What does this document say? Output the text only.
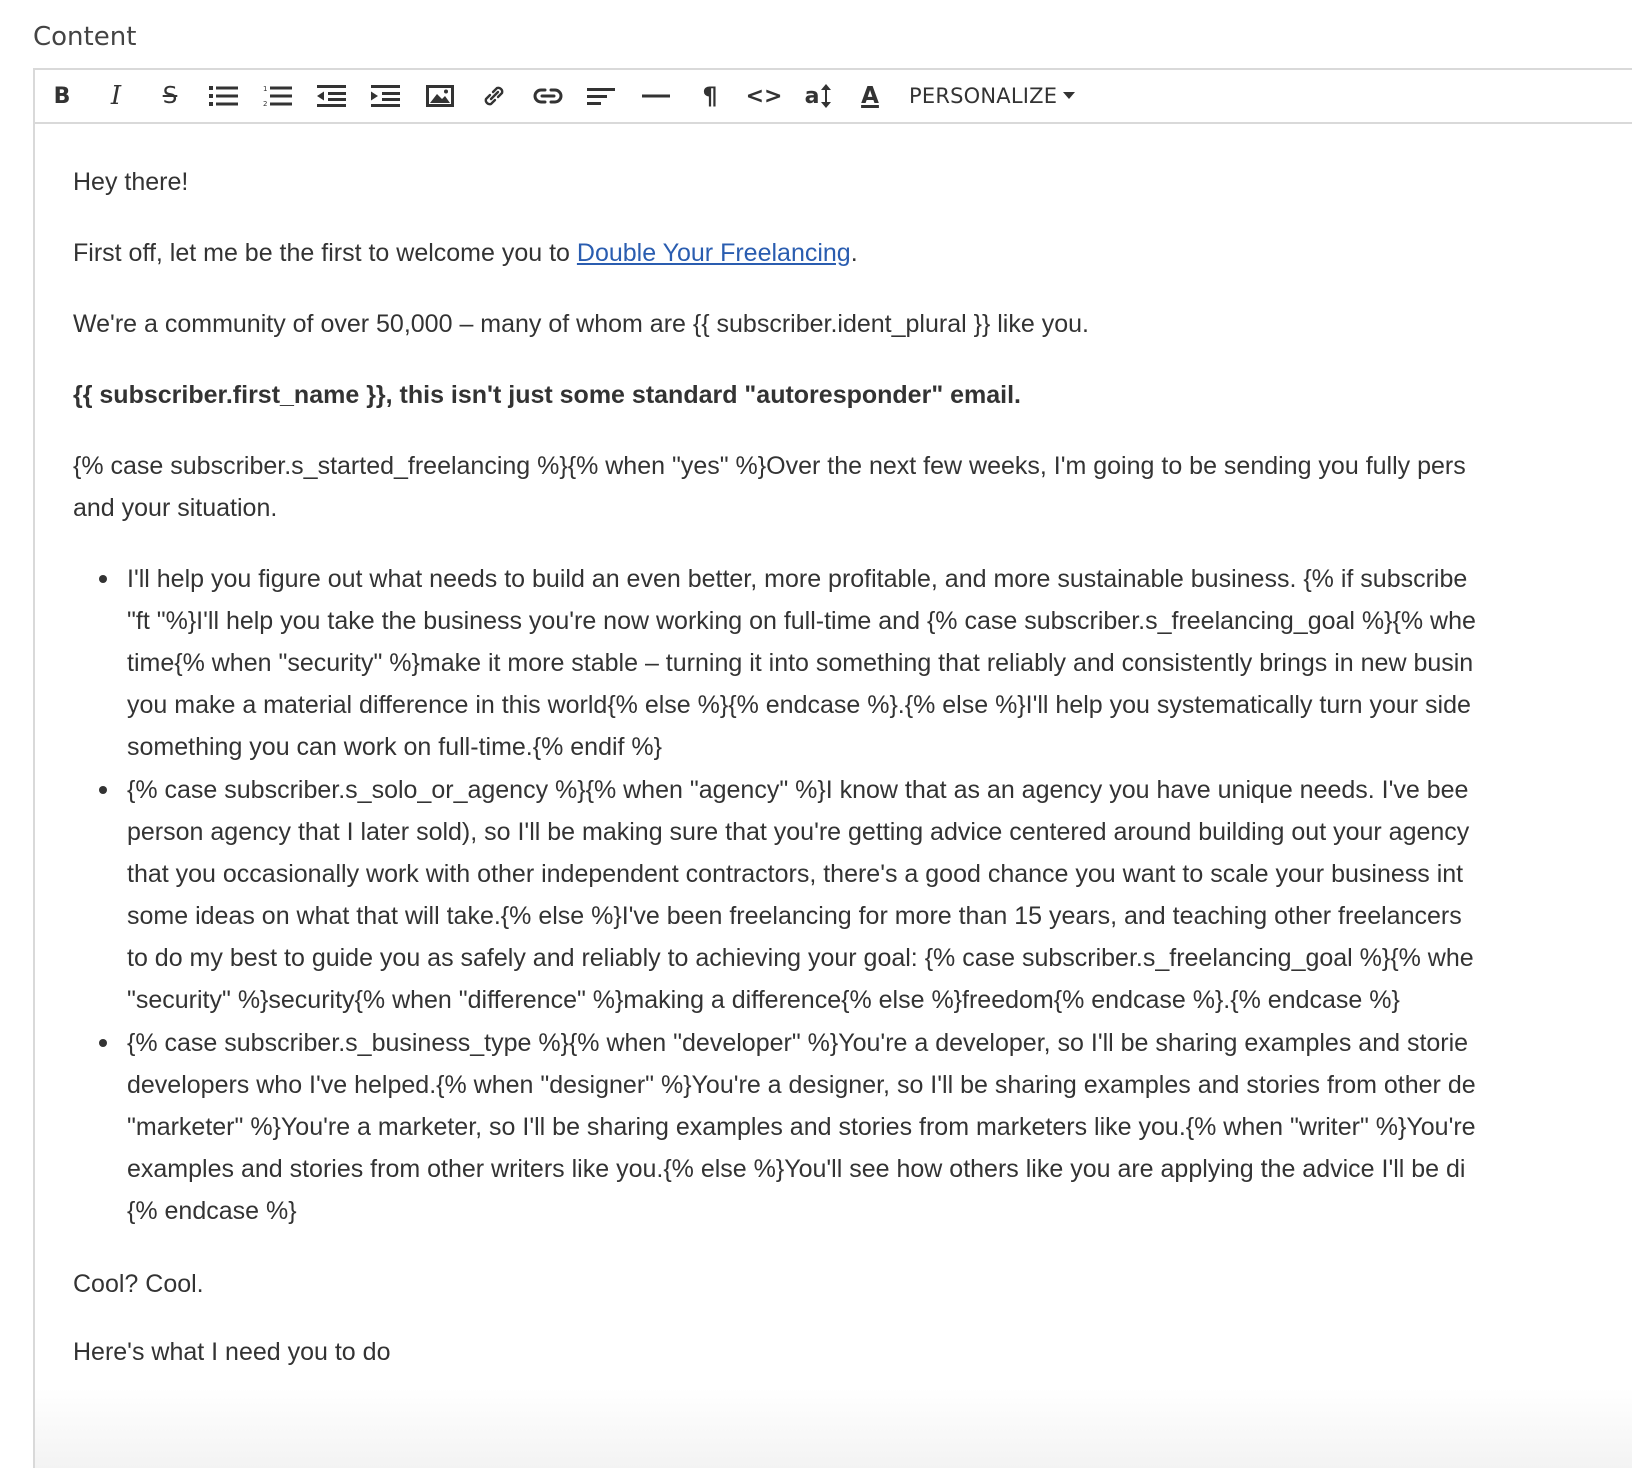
Content
B I S	1
2	¶ <> a A PERSONALIZE

Hey there!

First off, let me be the first to welcome you to Double Your Freelancing.

We're a community of over 50,000 – many of whom are {{ subscriber.ident_plural }} like you.

{{ subscriber.first_name }}, this isn't just some standard "autoresponder" email.

{% case subscriber.s_started_freelancing %}{% when "yes" %}Over the next few weeks, I'm going to be sending you fully pers

and your situation.

I'll help you figure out what needs to build an even better, more profitable, and more sustainable business. {% if subscribe
"ft "%}I'll help you take the business you're now working on full-time and {% case subscriber.s_freelancing_goal %}{% whe
time{% when "security" %}make it more stable – turning it into something that reliably and consistently brings in new busin
you make a material difference in this world{% else %}{% endcase %}.{% else %}I'll help you systematically turn your side
something you can work on full-time.{% endif %}
{% case subscriber.s_solo_or_agency %}{% when "agency" %}I know that as an agency you have unique needs. I've bee
person agency that I later sold), so I'll be making sure that you're getting advice centered around building out your agency
that you occasionally work with other independent contractors, there's a good chance you want to scale your business int
some ideas on what that will take.{% else %}I've been freelancing for more than 15 years, and teaching other freelancers
to do my best to guide you as safely and reliably to achieving your goal: {% case subscriber.s_freelancing_goal %}{% whe
"security" %}security{% when "difference" %}making a difference{% else %}freedom{% endcase %}.{% endcase %}
{% case subscriber.s_business_type %}{% when "developer" %}You're a developer, so I'll be sharing examples and storie
developers who I've helped.{% when "designer" %}You're a designer, so I'll be sharing examples and stories from other de
"marketer" %}You're a marketer, so I'll be sharing examples and stories from marketers like you.{% when "writer" %}You're
examples and stories from other writers like you.{% else %}You'll see how others like you are applying the advice I'll be di
{% endcase %}

Cool? Cool.

Here's what I need you to do
